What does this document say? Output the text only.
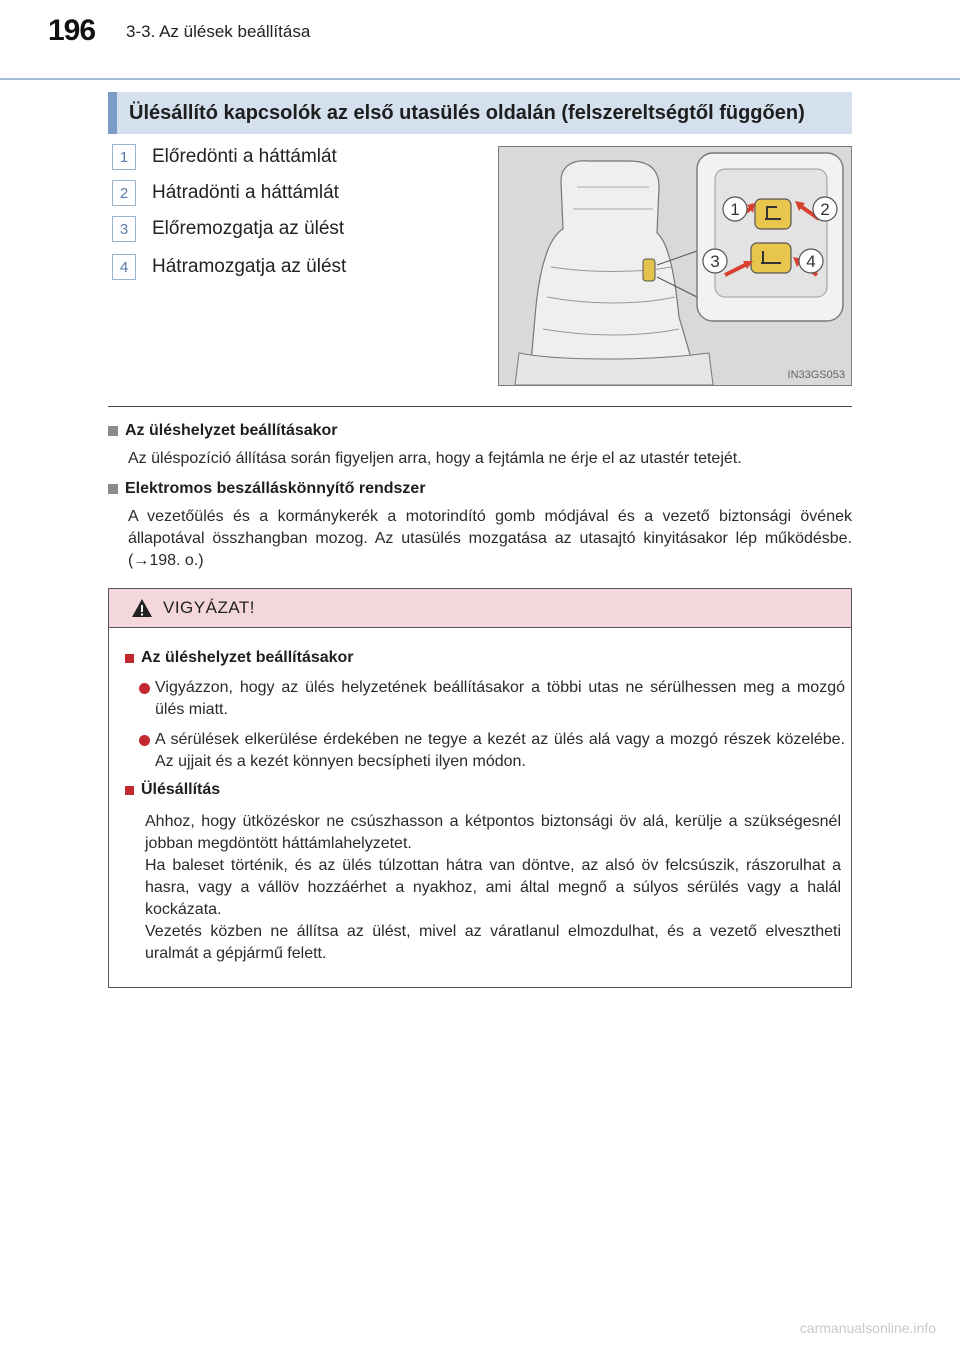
196 3-3. Az ülések beállítása
Ülésállító kapcsolók az első utasülés oldalán (felszereltségtől függően)
1	Előredönti a háttámlát
2	Hátradönti a háttámlát
3	Előremozgatja az ülést
4	Hátramozgatja az ülést
1	2
3	4
IN33GS053
Az üléshelyzet beállításakor
Az üléspozíció állítása során figyeljen arra, hogy a fejtámla ne érje el az utastér tetejét.
Elektromos beszálláskönnyítő rendszer
A vezetőülés és a kormánykerék a motorindító gomb módjával és a vezető biztonsági övének állapotával összhangban mozog. Az utasülés mozgatása az utasajtó kinyitásakor lép működésbe. (→198. o.)
VIGYÁZAT!
Az üléshelyzet beállításakor
Vigyázzon, hogy az ülés helyzetének beállításakor a többi utas ne sérülhessen meg a mozgó ülés miatt.
A sérülések elkerülése érdekében ne tegye a kezét az ülés alá vagy a mozgó részek közelébe. Az ujjait és a kezét könnyen becsípheti ilyen módon.
Ülésállítás
Ahhoz, hogy ütközéskor ne csúszhasson a kétpontos biztonsági öv alá, kerülje a szükségesnél jobban megdöntött háttámlahelyzetet.
Ha baleset történik, és az ülés túlzottan hátra van döntve, az alsó öv felcsúszik, rászorulhat a hasra, vagy a vállöv hozzáérhet a nyakhoz, ami által megnő a súlyos sérülés vagy a halál kockázata.
Vezetés közben ne állítsa az ülést, mivel az váratlanul elmozdulhat, és a vezető elvesztheti uralmát a gépjármű felett.
carmanualsonline.info
